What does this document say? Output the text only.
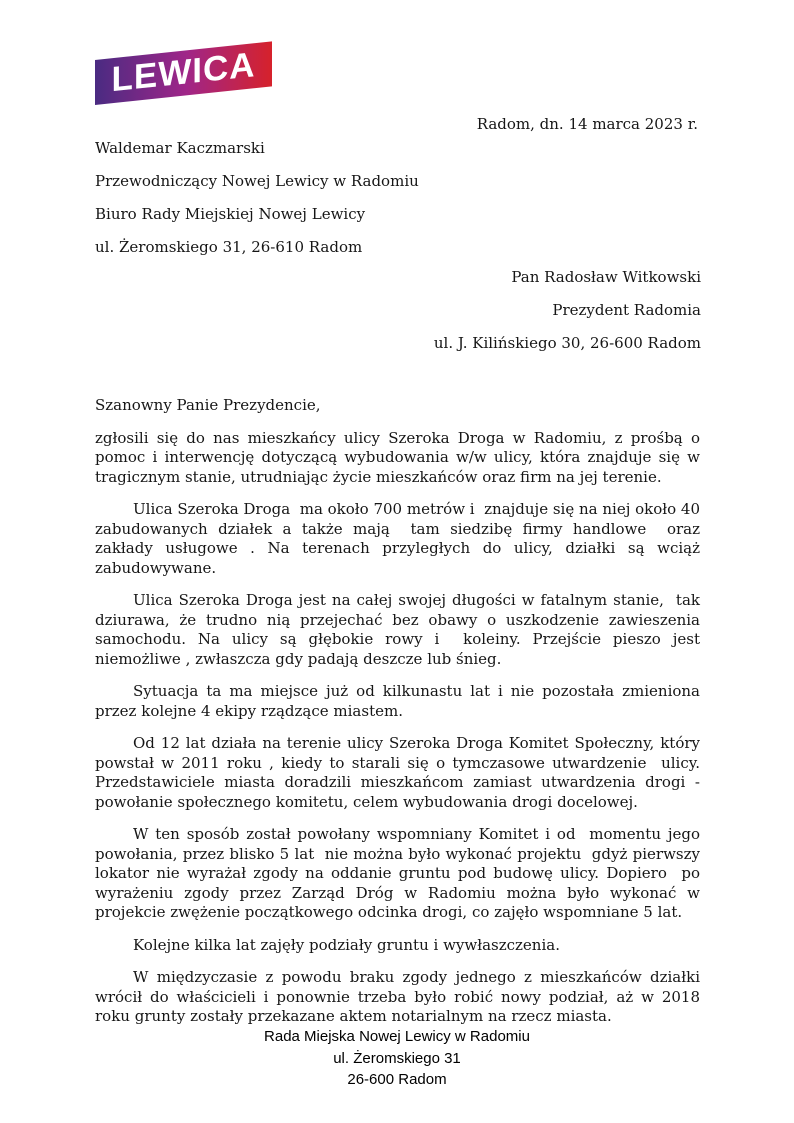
LEWICA
Radom, dn. 14 marca 2023 r.
Waldemar Kaczmarski
Przewodniczący Nowej Lewicy w Radomiu
Biuro Rady Miejskiej Nowej Lewicy
ul. Żeromskiego 31, 26-610 Radom
Pan Radosław Witkowski
Prezydent Radomia
ul. J. Kilińskiego 30, 26-600 Radom

Szanowny Panie Prezydencie,

zgłosili się do nas mieszkańcy ulicy Szeroka Droga w Radomiu, z prośbą o pomoc i interwencję dotyczącą wybudowania w/w ulicy, która znajduje się w tragicznym stanie, utrudniając życie mieszkańców oraz firm na jej terenie.

Ulica Szeroka Droga  ma około 700 metrów i  znajduje się na niej około 40 zabudowanych działek a także mają  tam siedzibę firmy handlowe  oraz zakłady usługowe . Na terenach przyległych do ulicy, działki są wciąż zabudowywane.

Ulica Szeroka Droga jest na całej swojej długości w fatalnym stanie,  tak dziurawa, że trudno nią przejechać bez obawy o uszkodzenie zawieszenia samochodu. Na ulicy są głębokie rowy i  koleiny. Przejście pieszo jest niemożliwe , zwłaszcza gdy padają deszcze lub śnieg.

Sytuacja ta ma miejsce już od kilkunastu lat i nie pozostała zmieniona przez kolejne 4 ekipy rządzące miastem.

Od 12 lat działa na terenie ulicy Szeroka Droga Komitet Społeczny, który powstał w 2011 roku , kiedy to starali się o tymczasowe utwardzenie  ulicy. Przedstawiciele miasta doradzili mieszkańcom zamiast utwardzenia drogi -  powołanie społecznego komitetu, celem wybudowania drogi docelowej.

W ten sposób został powołany wspomniany Komitet i od  momentu jego powołania, przez blisko 5 lat  nie można było wykonać projektu  gdyż pierwszy lokator nie wyrażał zgody na oddanie gruntu pod budowę ulicy. Dopiero  po wyrażeniu zgody przez Zarząd Dróg w Radomiu można było wykonać w projekcie zwężenie początkowego odcinka drogi, co zajęło wspomniane 5 lat.

Kolejne kilka lat zajęły podziały gruntu i wywłaszczenia.

W międzyczasie z powodu braku zgody jednego z mieszkańców działki wrócił do właścicieli i ponownie trzeba było robić nowy podział, aż w 2018 roku grunty zostały przekazane aktem notarialnym na rzecz miasta.

Rada Miejska Nowej Lewicy w Radomiu
ul. Żeromskiego 31
26-600 Radom
